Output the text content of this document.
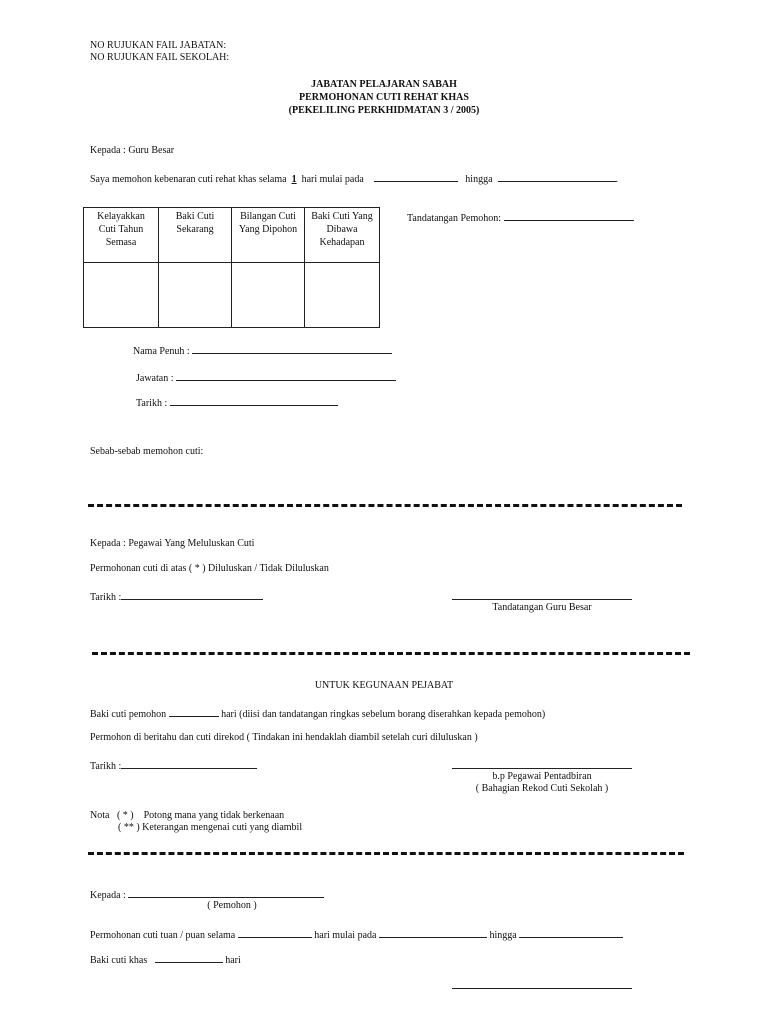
NO RUJUKAN FAIL JABATAN:
NO RUJUKAN FAIL SEKOLAH:
JABATAN PELAJARAN SABAH
PERMOHONAN CUTI REHAT KHAS
(PEKELILING PERKHIDMATAN 3 / 2005)
Kepada : Guru Besar
Saya memohon kebenaran cuti rehat khas selama 1 hari mulai pada	hingga	.
Kelayakkan Cuti Tahun Semasa	Baki Cuti Sekarang	Bilangan Cuti Yang Dipohon	Baki Cuti Yang Dibawa Kehadapan

Tandatangan Pemohon:
Nama Penuh :
Jawatan :
Tarikh :
Sebab-sebab memohon cuti:
Kepada : Pegawai Yang Meluluskan Cuti
Permohonan cuti di atas ( * ) Diluluskan / Tidak Diluluskan
Tarikh :
Tandatangan Guru Besar
UNTUK KEGUNAAN PEJABAT
Baki cuti pemohon	hari (diisi dan tandatangan ringkas sebelum borang diserahkan kepada pemohon)
Permohon di beritahu dan cuti direkod ( Tindakan ini hendaklah diambil setelah curi diluluskan )
Tarikh :
b.p Pegawai Pentadbiran
( Bahagian Rekod Cuti Sekolah )
Nota ( * ) Potong mana yang tidak berkenaan
( ** ) Keterangan mengenai cuti yang diambil
Kepada :
( Pemohon )
Permohonan cuti tuan / puan selama	hari mulai pada	hingga
Baki cuti khas	hari
